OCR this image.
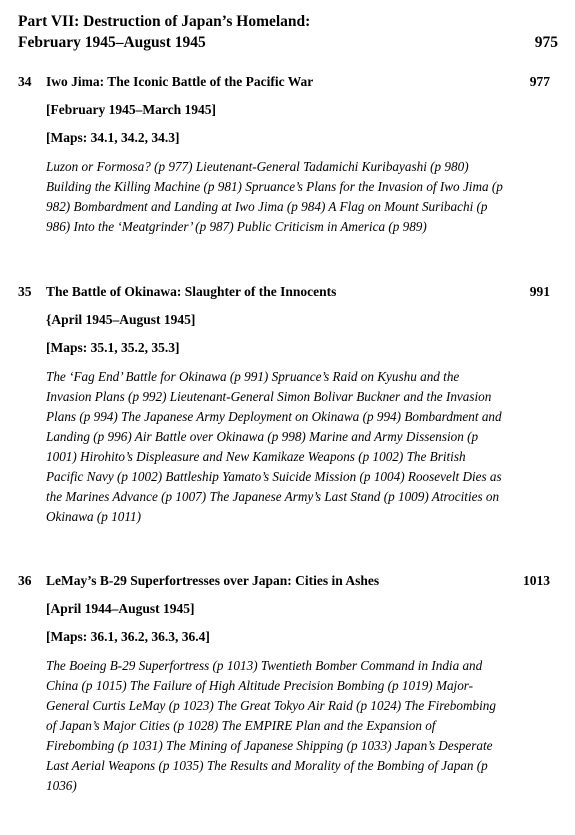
Part VII: Destruction of Japan’s Homeland:

February 1945–August 1945	975
34 Iwo Jima: The Iconic Battle of the Pacific War	977
[February 1945–March 1945]
[Maps: 34.1, 34.2, 34.3]
Luzon or Formosa? (p 977) Lieutenant-General Tadamichi Kuribayashi (p 980) Building the Killing Machine (p 981) Spruance’s Plans for the Invasion of Iwo Jima (p 982) Bombardment and Landing at Iwo Jima (p 984) A Flag on Mount Suribachi (p 986) Into the ‘Meatgrinder’ (p 987) Public Criticism in America (p 989)
35 The Battle of Okinawa: Slaughter of the Innocents	991
{April 1945–August 1945]
[Maps: 35.1, 35.2, 35.3]
The ‘Fag End’ Battle for Okinawa (p 991) Spruance’s Raid on Kyushu and the Invasion Plans (p 992) Lieutenant-General Simon Bolivar Buckner and the Invasion Plans (p 994) The Japanese Army Deployment on Okinawa (p 994) Bombardment and Landing (p 996) Air Battle over Okinawa (p 998) Marine and Army Dissension (p 1001) Hirohito’s Displeasure and New Kamikaze Weapons (p 1002) The British Pacific Navy (p 1002) Battleship Yamato’s Suicide Mission (p 1004) Roosevelt Dies as the Marines Advance (p 1007) The Japanese Army’s Last Stand (p 1009) Atrocities on Okinawa (p 1011)
36 LeMay’s B-29 Superfortresses over Japan: Cities in Ashes	1013
[April 1944–August 1945]
[Maps: 36.1, 36.2, 36.3, 36.4]
The Boeing B-29 Superfortress (p 1013) Twentieth Bomber Command in India and China (p 1015) The Failure of High Altitude Precision Bombing (p 1019) Major-General Curtis LeMay (p 1023) The Great Tokyo Air Raid (p 1024) The Firebombing of Japan’s Major Cities (p 1028) The EMPIRE Plan and the Expansion of Firebombing (p 1031) The Mining of Japanese Shipping (p 1033) Japan’s Desperate Last Aerial Weapons (p 1035) The Results and Morality of the Bombing of Japan (p 1036)
